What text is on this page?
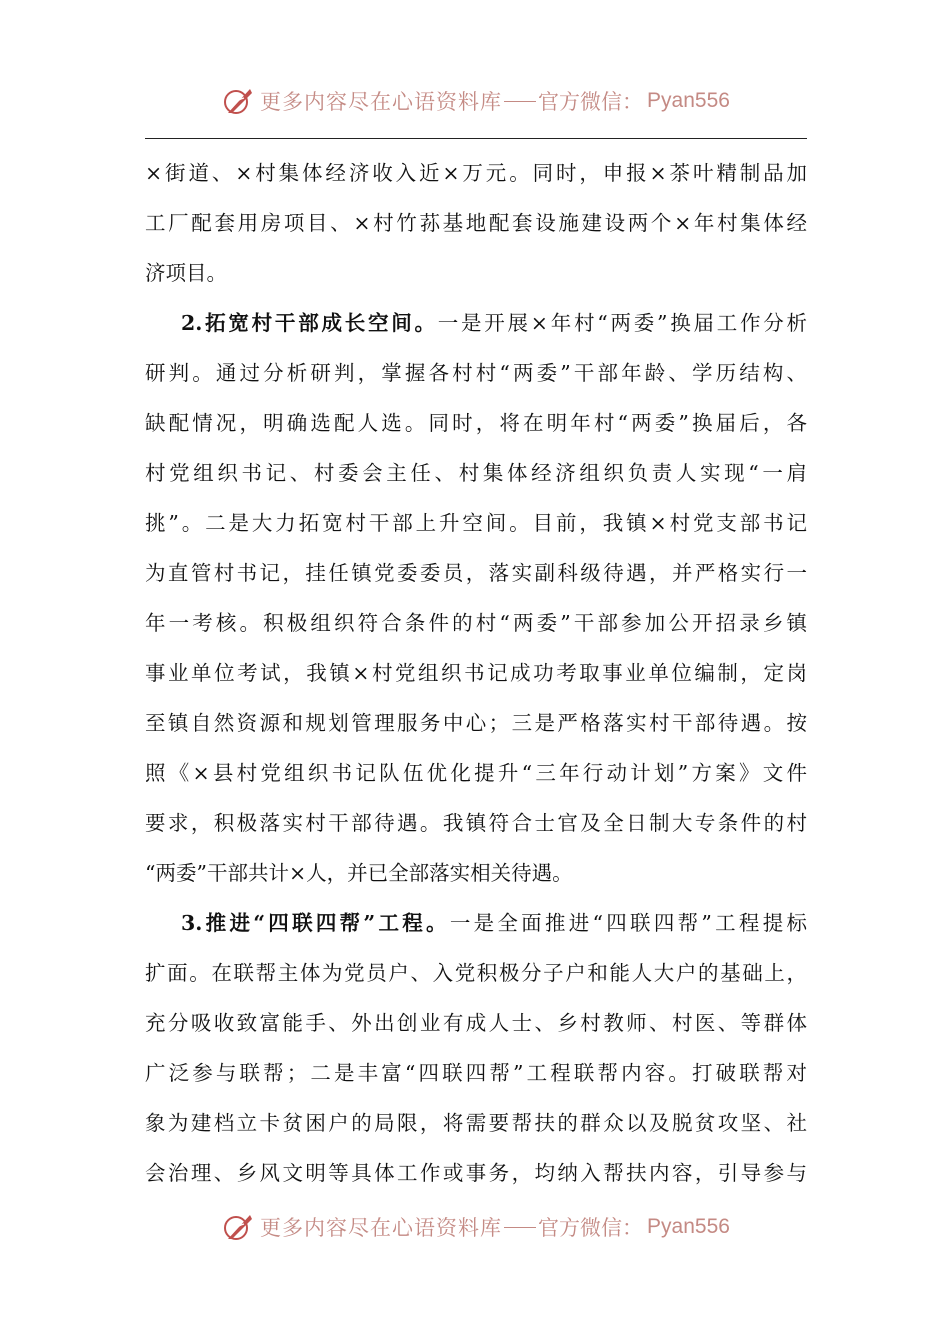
更多内容尽在心语资料库 官方微信： Pyan556
×街道、×村集体经济收入近×万元。同时，申报×茶叶精制品加
工厂配套用房项目、×村竹荪基地配套设施建设两个×年村集体经
济项目。
2.拓宽村干部成长空间。一是开展×年村“两委”换届工作分析
研判。通过分析研判，掌握各村村“两委”干部年龄、学历结构、
缺配情况，明确选配人选。同时，将在明年村“两委”换届后，各
村党组织书记、村委会主任、村集体经济组织负责人实现“一肩
挑”。二是大力拓宽村干部上升空间。目前，我镇×村党支部书记
为直管村书记，挂任镇党委委员，落实副科级待遇，并严格实行一
年一考核。积极组织符合条件的村“两委”干部参加公开招录乡镇
事业单位考试，我镇×村党组织书记成功考取事业单位编制，定岗
至镇自然资源和规划管理服务中心；三是严格落实村干部待遇。按
照《×县村党组织书记队伍优化提升“三年行动计划”方案》文件
要求，积极落实村干部待遇。我镇符合士官及全日制大专条件的村
“两委”干部共计×人，并已全部落实相关待遇。
3.推进“四联四帮”工程。一是全面推进“四联四帮”工程提标
扩面。在联帮主体为党员户、入党积极分子户和能人大户的基础上，
充分吸收致富能手、外出创业有成人士、乡村教师、村医、等群体
广泛参与联帮；二是丰富“四联四帮”工程联帮内容。打破联帮对
象为建档立卡贫困户的局限，将需要帮扶的群众以及脱贫攻坚、社
会治理、乡风文明等具体工作或事务，均纳入帮扶内容，引导参与
更多内容尽在心语资料库 官方微信： Pyan556
